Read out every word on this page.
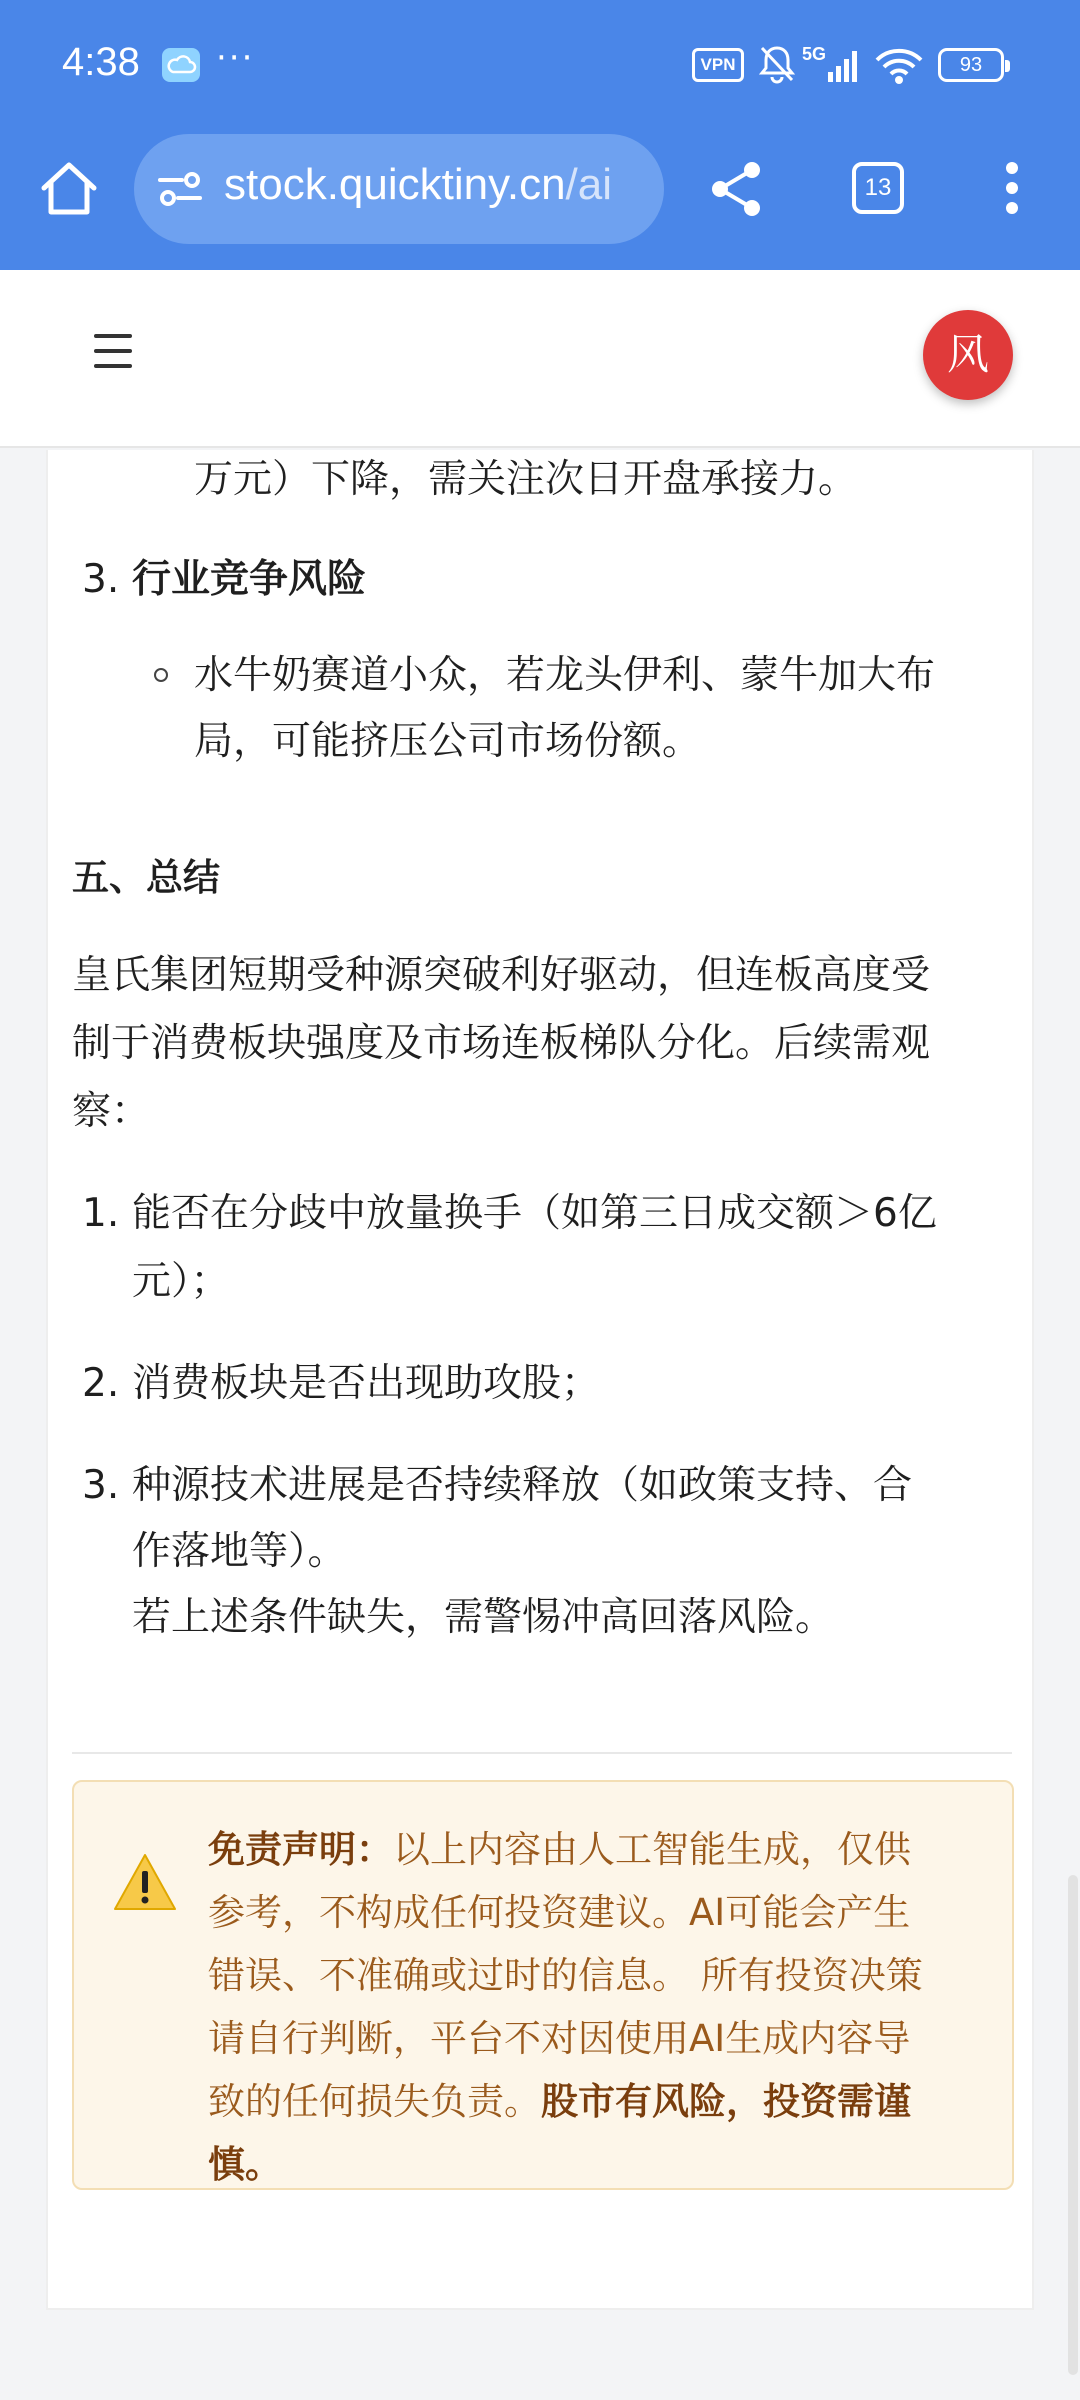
4:38 ···	VPN
5G	93
stock.quicktiny.cn/ai	13
风
万元）下降，需关注次日开盘承接力。
3. 行业竞争风险
水牛奶赛道小众，若龙头伊利、蒙牛加大布
局，可能挤压公司市场份额。
五、总结
皇氏集团短期受种源突破利好驱动，但连板高度受
制于消费板块强度及市场连板梯队分化。后续需观
察：
1. 能否在分歧中放量换手（如第三日成交额＞6亿
元）；
2. 消费板块是否出现助攻股；
3. 种源技术进展是否持续释放（如政策支持、合
作落地等）。
若上述条件缺失，需警惕冲高回落风险。
免责声明：以上内容由人工智能生成，仅供
参考，不构成任何投资建议。AI可能会产生
错误、不准确或过时的信息。 所有投资决策
请自行判断，平台不对因使用AI生成内容导
致的任何损失负责。股市有风险，投资需谨
慎。
